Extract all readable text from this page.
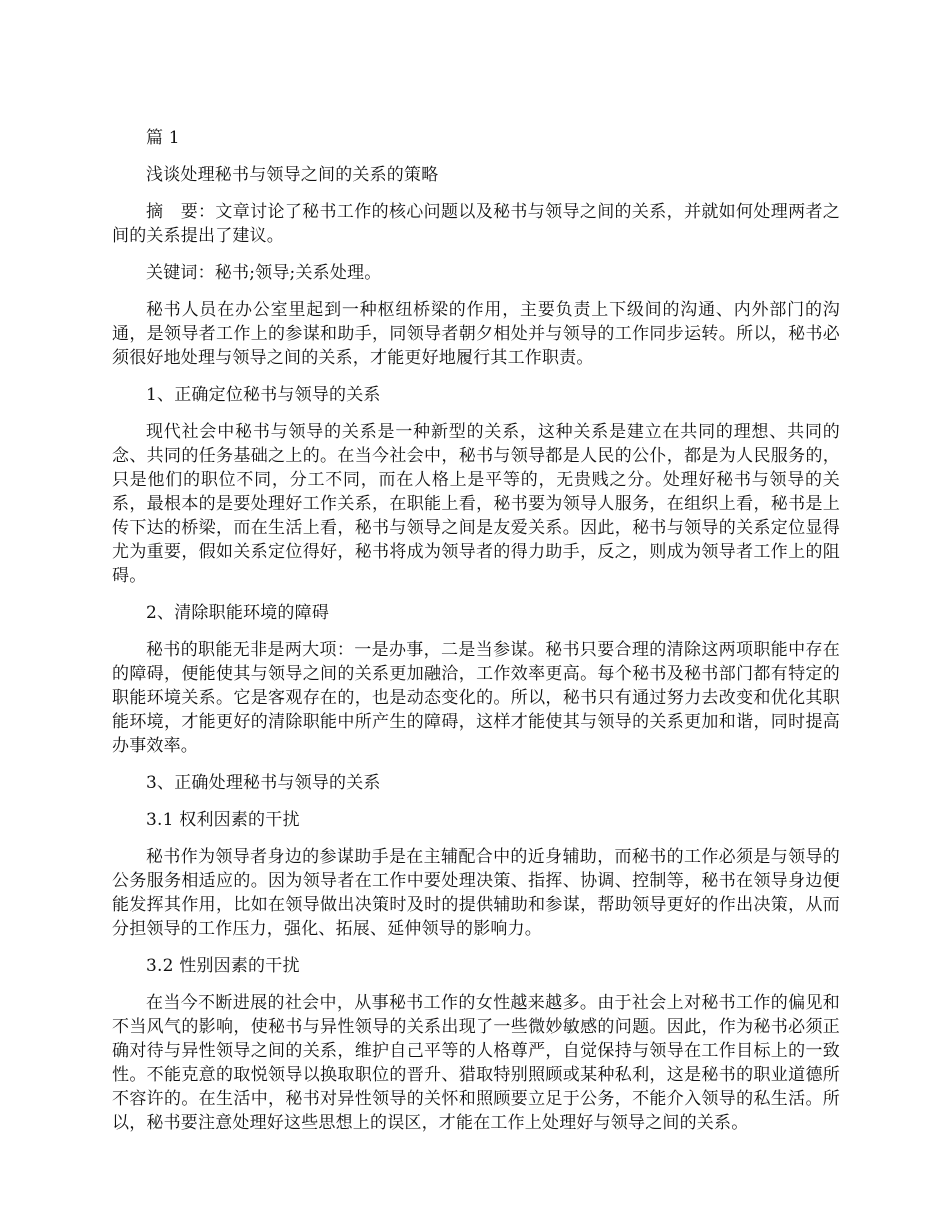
篇 1

浅谈处理秘书与领导之间的关系的策略

摘　要：文章讨论了秘书工作的核心问题以及秘书与领导之间的关系，并就如何处理两者之间的关系提出了建议。

关键词：秘书;领导;关系处理。

秘书人员在办公室里起到一种枢纽桥梁的作用，主要负责上下级间的沟通、内外部门的沟通，是领导者工作上的参谋和助手，同领导者朝夕相处并与领导的工作同步运转。所以，秘书必须很好地处理与领导之间的关系，才能更好地履行其工作职责。

1、正确定位秘书与领导的关系

现代社会中秘书与领导的关系是一种新型的关系，这种关系是建立在共同的理想、共同的念、共同的任务基础之上的。在当今社会中，秘书与领导都是人民的公仆，都是为人民服务的，只是他们的职位不同，分工不同，而在人格上是平等的，无贵贱之分。处理好秘书与领导的关系，最根本的是要处理好工作关系，在职能上看，秘书要为领导人服务，在组织上看，秘书是上传下达的桥梁，而在生活上看，秘书与领导之间是友爱关系。因此，秘书与领导的关系定位显得尤为重要，假如关系定位得好，秘书将成为领导者的得力助手，反之，则成为领导者工作上的阻碍。

2、清除职能环境的障碍

秘书的职能无非是两大项：一是办事，二是当参谋。秘书只要合理的清除这两项职能中存在的障碍，便能使其与领导之间的关系更加融洽，工作效率更高。每个秘书及秘书部门都有特定的职能环境关系。它是客观存在的，也是动态变化的。所以，秘书只有通过努力去改变和优化其职能环境，才能更好的清除职能中所产生的障碍，这样才能使其与领导的关系更加和谐，同时提高办事效率。

3、正确处理秘书与领导的关系

3.1 权利因素的干扰

秘书作为领导者身边的参谋助手是在主辅配合中的近身辅助，而秘书的工作必须是与领导的公务服务相适应的。因为领导者在工作中要处理决策、指挥、协调、控制等，秘书在领导身边便能发挥其作用，比如在领导做出决策时及时的提供辅助和参谋，帮助领导更好的作出决策，从而分担领导的工作压力，强化、拓展、延伸领导的影响力。

3.2 性别因素的干扰

在当今不断进展的社会中，从事秘书工作的女性越来越多。由于社会上对秘书工作的偏见和不当风气的影响，使秘书与异性领导的关系出现了一些微妙敏感的问题。因此，作为秘书必须正确对待与异性领导之间的关系，维护自己平等的人格尊严，自觉保持与领导在工作目标上的一致性。不能克意的取悦领导以换取职位的晋升、猎取特别照顾或某种私利，这是秘书的职业道德所不容许的。在生活中，秘书对异性领导的关怀和照顾要立足于公务，不能介入领导的私生活。所以，秘书要注意处理好这些思想上的误区，才能在工作上处理好与领导之间的关系。
